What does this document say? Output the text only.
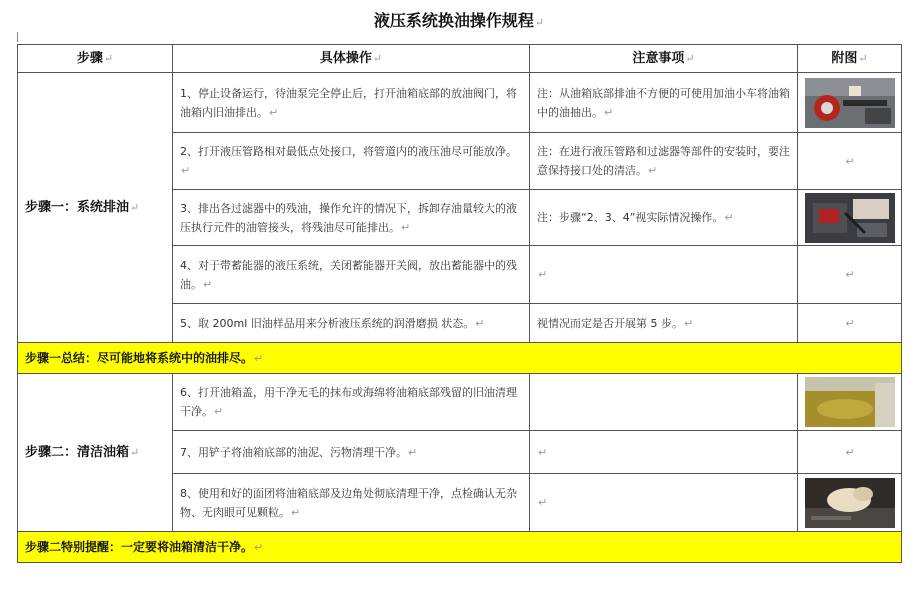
液压系统换油操作规程↵
步骤↵	具体操作↵	注意事项↵	附图↵
步骤一：系统排油↵	1、停止设备运行，待油泵完全停止后，打开油箱底部的放油阀门，将油箱内旧油排出。↵	注：从油箱底部排油不方便的可使用加油小车将油箱中的油抽出。↵	
	2、打开液压管路相对最低点处接口，将管道内的液压油尽可能放净。↵	注：在进行液压管路和过滤器等部件的安装时，要注意保持接口处的清洁。↵	↵
	3、排出各过滤器中的残油，操作允许的情况下，拆卸存油量较大的液压执行元件的油管接头，将残油尽可能排出。↵	注：步骤“2、3、4”视实际情况操作。↵	
	4、对于带蓄能器的液压系统，关闭蓄能器开关阀，放出蓄能器中的残油。↵	↵	↵
	5、取 200ml 旧油样品用来分析液压系统的润滑磨损 状态。↵	视情况而定是否开展第 5 步。↵	↵
步骤一总结：尽可能地将系统中的油排尽。↵			
步骤二：清洁油箱↵	6、打开油箱盖，用干净无毛的抹布或海绵将油箱底部残留的旧油清理干净。↵		
	7、用铲子将油箱底部的油泥、污物清理干净。↵	↵	↵
	8、使用和好的面团将油箱底部及边角处彻底清理干净，点检确认无杂物、无肉眼可见颗粒。↵	↵	
步骤二特别提醒：一定要将油箱清洁干净。↵			
